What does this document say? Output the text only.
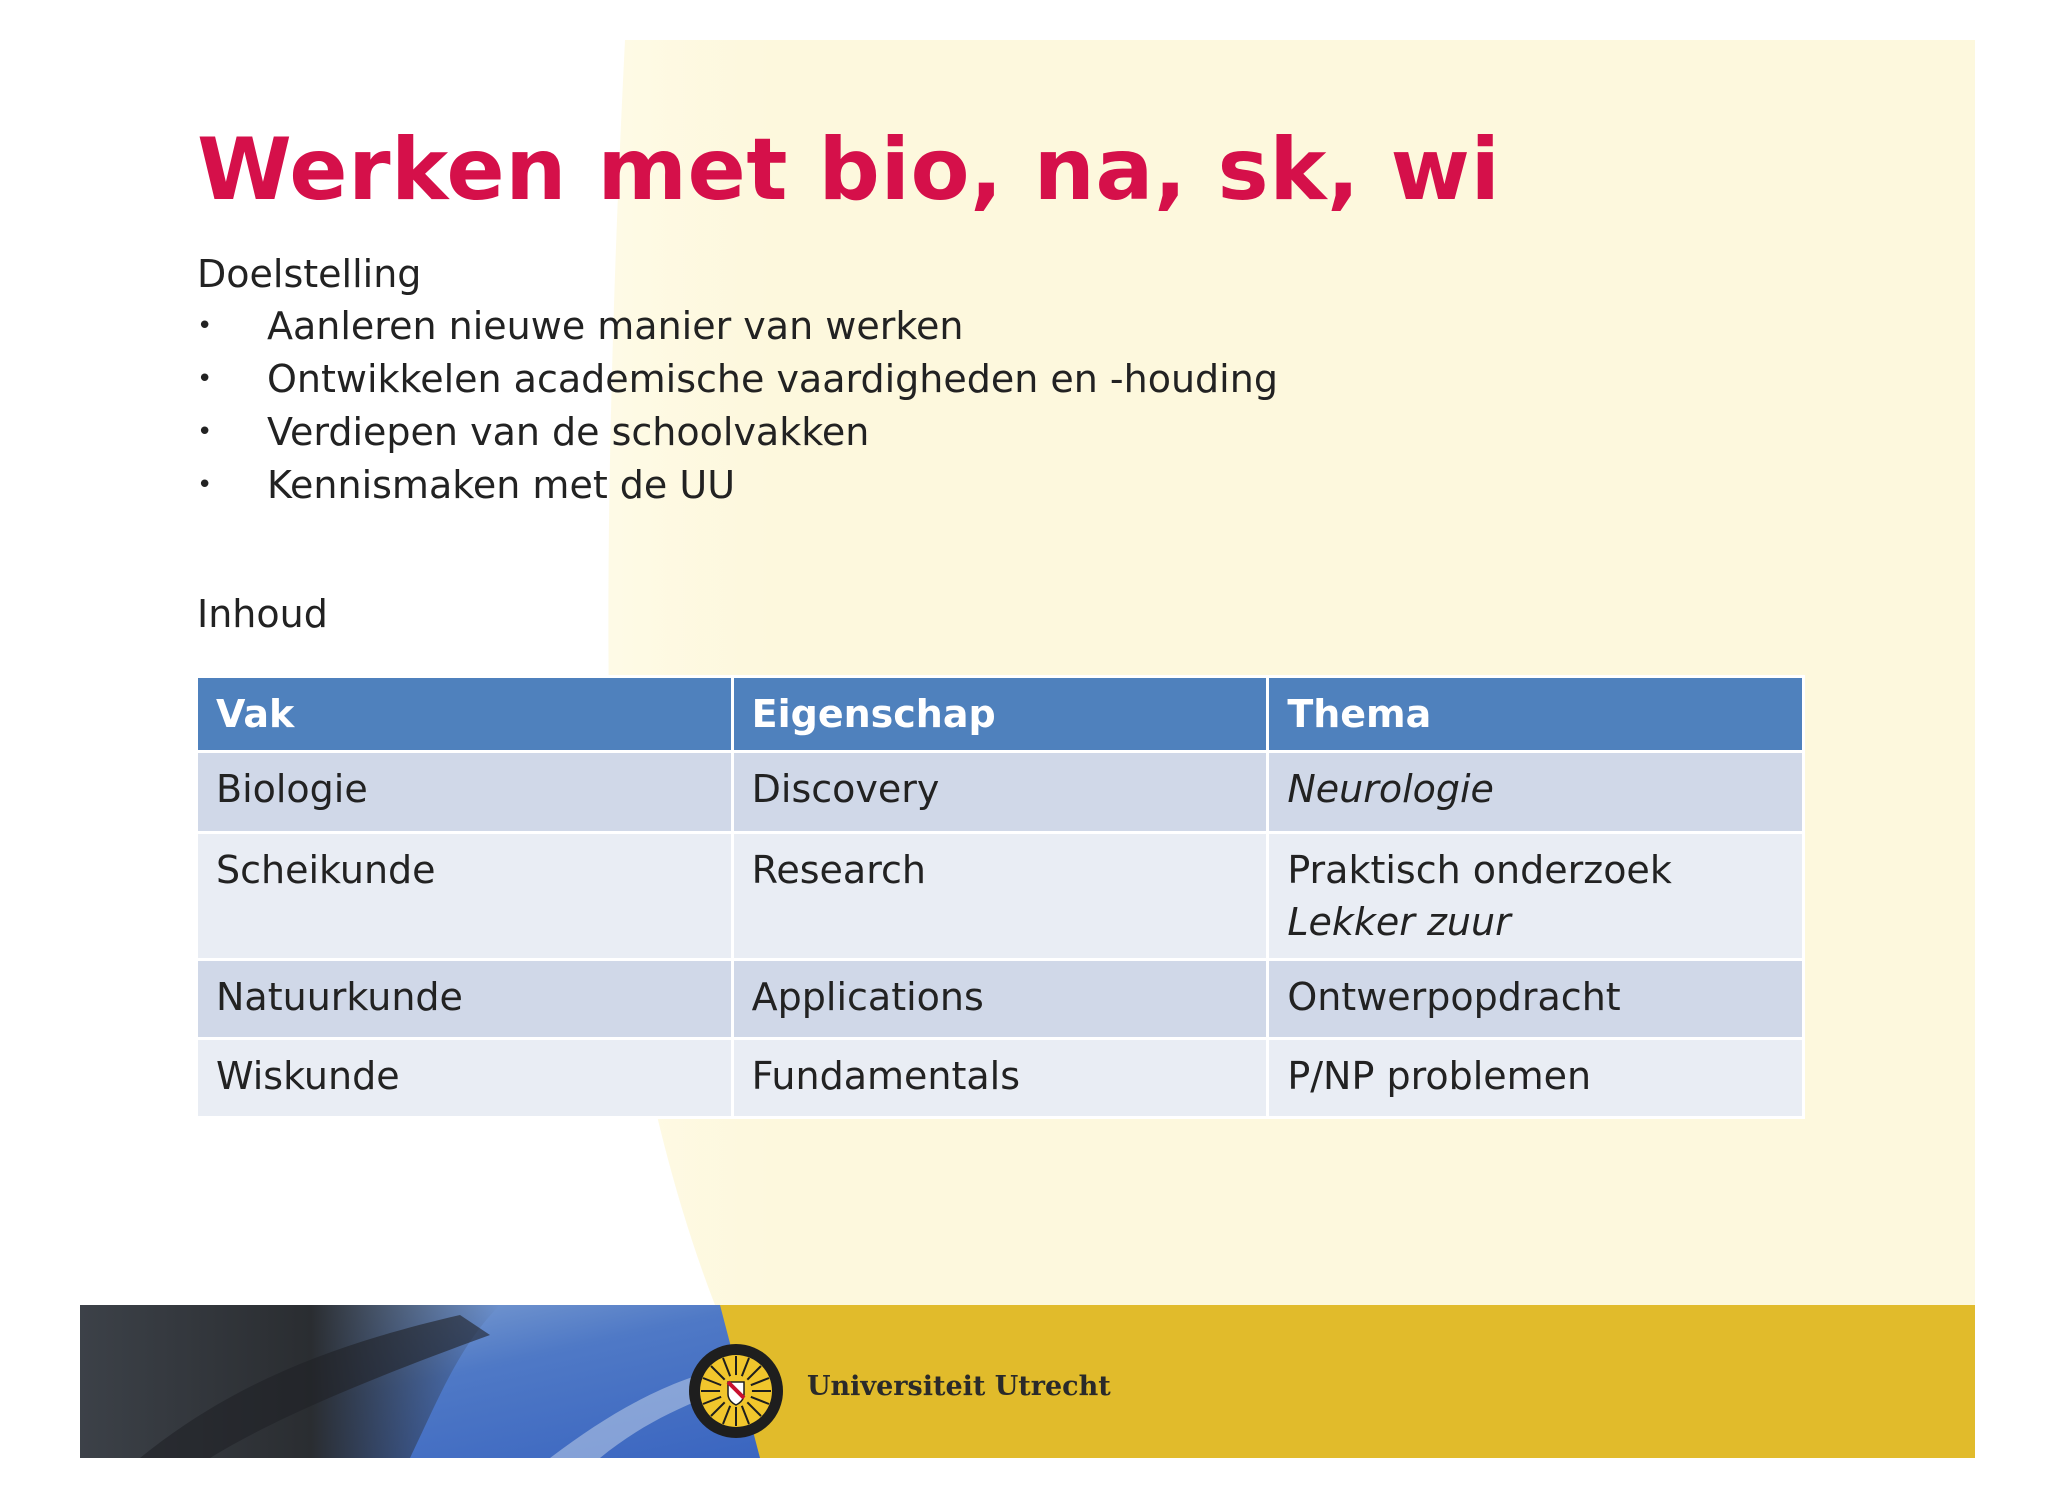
Werken met bio, na, sk, wi
Doelstelling
• Aanleren nieuwe manier van werken
• Ontwikkelen academische vaardigheden en -houding
• Verdiepen van de schoolvakken
• Kennismaken met de UU
Inhoud
Vak	Eigenschap	Thema
Biologie	Discovery	Neurologie

Scheikunde	Research	Praktisch onderzoek
Lekker zuur

Natuurkunde	Applications	Ontwerpopdracht

Wiskunde	Fundamentals	P/NP problemen
Universiteit Utrecht
